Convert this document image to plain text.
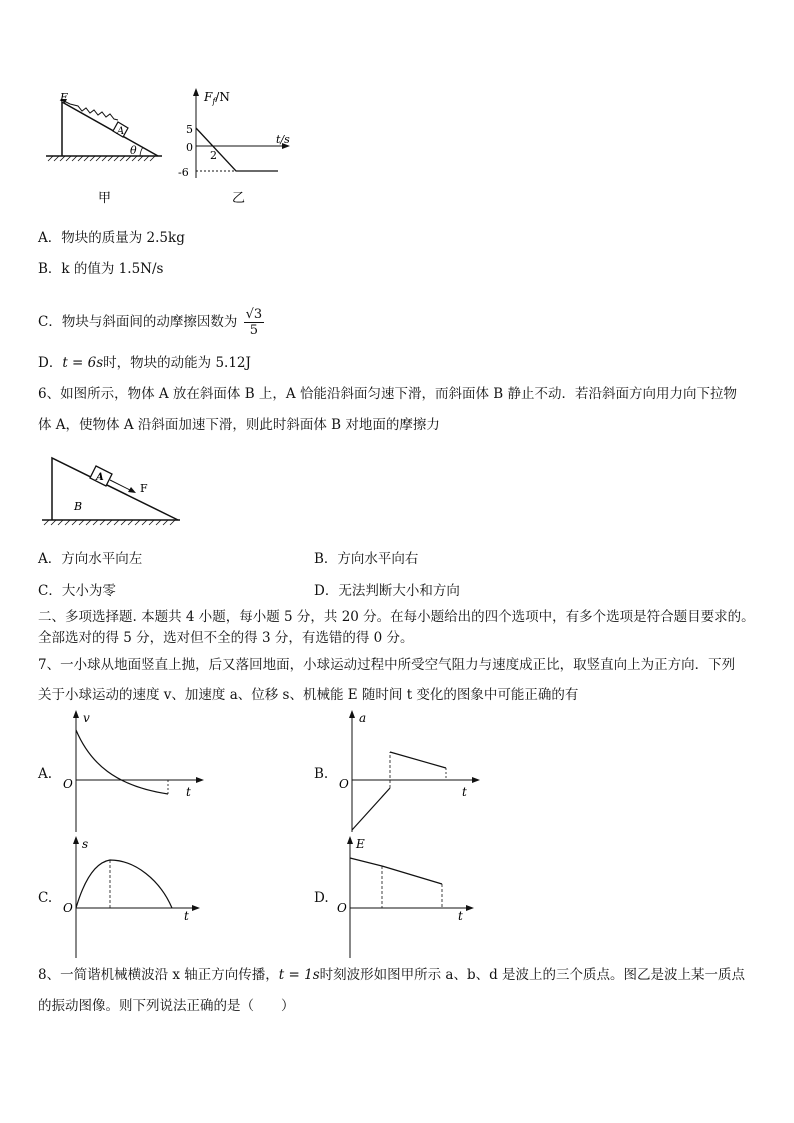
A
F
θ
甲
$F_f/N$
t/s
5
0
-6
2
乙
A．物块的质量为 2.5kg
B．k 的值为 1.5N/s
C．物块与斜面间的动摩擦因数为 $\frac{√3}{5}$
D．t = 6s时，物块的动能为 5.12J
6、如图所示，物体 A 放在斜面体 B 上，A 恰能沿斜面匀速下滑，而斜面体 B 静止不动．若沿斜面方向用力向下拉物
体 A，使物体 A 沿斜面加速下滑，则此时斜面体 B 对地面的摩擦力
A
F
B
A．方向水平向左	B．方向水平向右
C．大小为零	D．无法判断大小和方向
二、多项选择题. 本题共 4 小题，每小题 5 分，共 20 分。在每小题给出的四个选项中，有多个选项是符合题目要求的。
全部选对的得 5 分，选对但不全的得 3 分，有选错的得 0 分。
7、一小球从地面竖直上抛，后又落回地面，小球运动过程中所受空气阻力与速度成正比，取竖直向上为正方向．下列
关于小球运动的速度 v、加速度 a、位移 s、机械能 E 随时间 t 变化的图象中可能正确的有
A.
v
O
t
B.
a
O
t
C.
s
O
t
D.
E
O
t
8、一简谐机械横波沿 x 轴正方向传播，t = 1s时刻波形如图甲所示 a、b、d 是波上的三个质点。图乙是波上某一质点
的振动图像。则下列说法正确的是（　　）
